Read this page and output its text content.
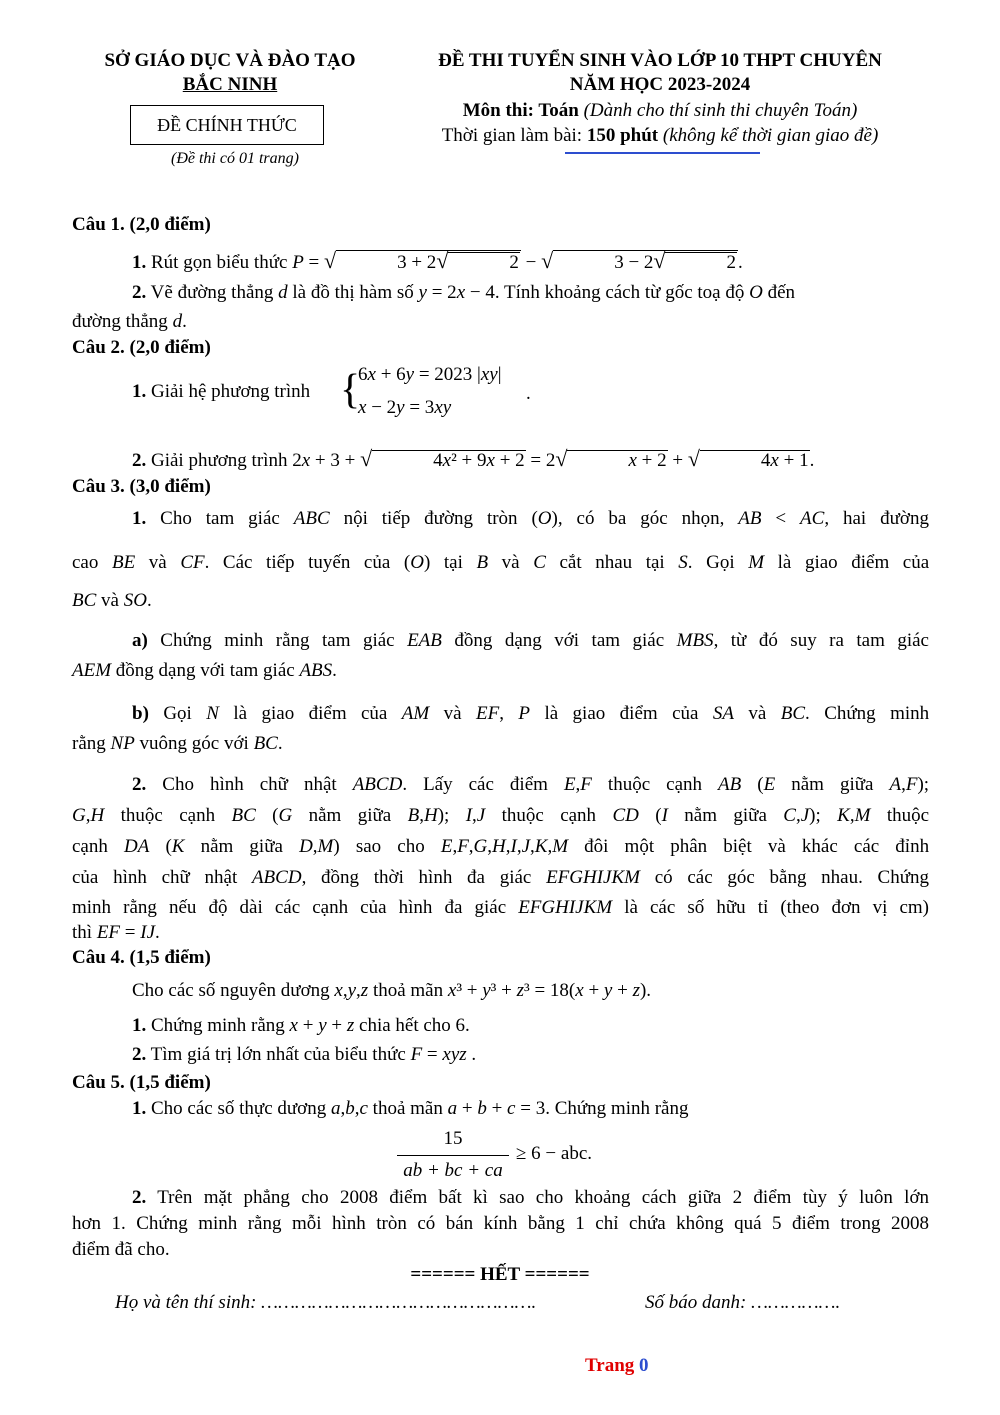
SỞ GIÁO DỤC VÀ ĐÀO TẠO
BẮC NINH
ĐỀ CHÍNH THỨC
(Đề thi có 01 trang)
ĐỀ THI TUYỂN SINH VÀO LỚP 10 THPT CHUYÊN
NĂM HỌC 2023-2024
Môn thi: Toán (Dành cho thí sinh thi chuyên Toán)
Thời gian làm bài: 150 phút (không kể thời gian giao đề)
Câu 1. (2,0 điểm)
1. Rút gọn biểu thức P = √	3 + 2√	2 − √	3 − 2√	2 .
2. Vẽ đường thẳng d là đồ thị hàm số y = 2x − 4. Tính khoảng cách từ gốc toạ độ O đến
đường thẳng d.
Câu 2. (2,0 điểm)
1. Giải hệ phương trình {
6x + 6y = 2023 |xy|
x − 2y = 3xy
.
2. Giải phương trình 2x + 3 + √	4x² + 9x + 2 = 2√	x + 2 + √	4x + 1.
Câu 3. (3,0 điểm)
1. Cho tam giác ABC nội tiếp đường tròn (O), có ba góc nhọn, AB < AC, hai đường
cao BE và CF. Các tiếp tuyến của (O) tại B và C cắt nhau tại S. Gọi M là giao điểm của
BC và SO.
a) Chứng minh rằng tam giác EAB đồng dạng với tam giác MBS, từ đó suy ra tam giác
AEM đồng dạng với tam giác ABS.
b) Gọi N là giao điểm của AM và EF, P là giao điểm của SA và BC. Chứng minh
rằng NP vuông góc với BC.
2. Cho hình chữ nhật ABCD. Lấy các điểm E,F thuộc cạnh AB (E nằm giữa A,F);
G,H thuộc cạnh BC (G nằm giữa B,H); I,J thuộc cạnh CD (I nằm giữa C,J); K,M thuộc
cạnh DA (K nằm giữa D,M) sao cho E,F,G,H,I,J,K,M đôi một phân biệt và khác các đỉnh
của hình chữ nhật ABCD, đồng thời hình đa giác EFGHIJKM có các góc bằng nhau. Chứng
minh rằng nếu độ dài các cạnh của hình đa giác EFGHIJKM là các số hữu tỉ (theo đơn vị cm)
thì EF = IJ.
Câu 4. (1,5 điểm)
Cho các số nguyên dương x,y,z thoả mãn x³ + y³ + z³ = 18(x + y + z).
1. Chứng minh rằng x + y + z chia hết cho 6.
2. Tìm giá trị lớn nhất của biểu thức F = xyz .
Câu 5. (1,5 điểm)
1. Cho các số thực dương a,b,c thoả mãn a + b + c = 3. Chứng minh rằng
15
ab + bc + ca
≥ 6 − abc.
2. Trên mặt phẳng cho 2008 điểm bất kì sao cho khoảng cách giữa 2 điểm tùy ý luôn lớn
hơn 1. Chứng minh rằng mỗi hình tròn có bán kính bằng 1 chỉ chứa không quá 5 điểm trong 2008
điểm đã cho.
====== HẾT ======
Họ và tên thí sinh: ………………………………………….	Số báo danh: …………….
Trang 0
